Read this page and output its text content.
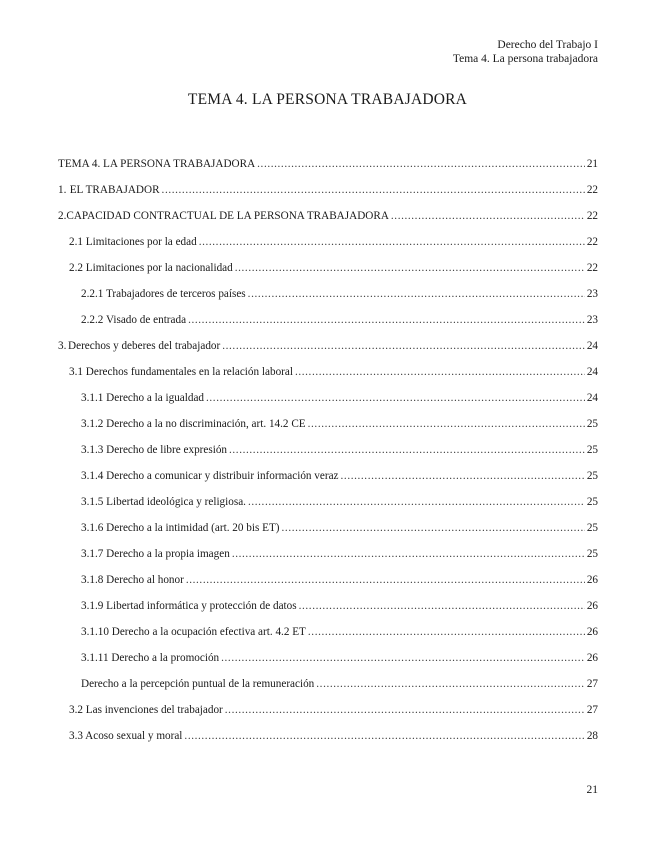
Derecho del Trabajo I
Tema 4. La persona trabajadora
TEMA 4. LA PERSONA TRABAJADORA
TEMA 4. LA PERSONA TRABAJADORA .....	21
1. EL TRABAJADOR .....	22
2. CAPACIDAD CONTRACTUAL DE LA PERSONA TRABAJADORA .....	22
2.1 Limitaciones por la edad .....	22
2.2 Limitaciones por la nacionalidad .....	22
2.2.1 Trabajadores de terceros países .....	23
2.2.2 Visado de entrada .....	23
3. Derechos y deberes del trabajador .....	24
3.1 Derechos fundamentales en la relación laboral .....	24
3.1.1 Derecho a la igualdad .....	24
3.1.2 Derecho a la no discriminación, art. 14.2 CE .....	25
3.1.3 Derecho de libre expresión .....	25
3.1.4 Derecho a comunicar y distribuir información veraz .....	25
3.1.5 Libertad ideológica y religiosa. .....	25
3.1.6 Derecho a la intimidad (art. 20 bis ET) .....	25
3.1.7 Derecho a la propia imagen .....	25
3.1.8 Derecho al honor .....	26
3.1.9 Libertad informática y protección de datos .....	26
3.1.10 Derecho a la ocupación efectiva art. 4.2 ET .....	26
3.1.11 Derecho a la promoción .....	26
Derecho a la percepción puntual de la remuneración .....	27
3.2 Las invenciones del trabajador .....	27
3.3 Acoso sexual y moral .....	28
21
